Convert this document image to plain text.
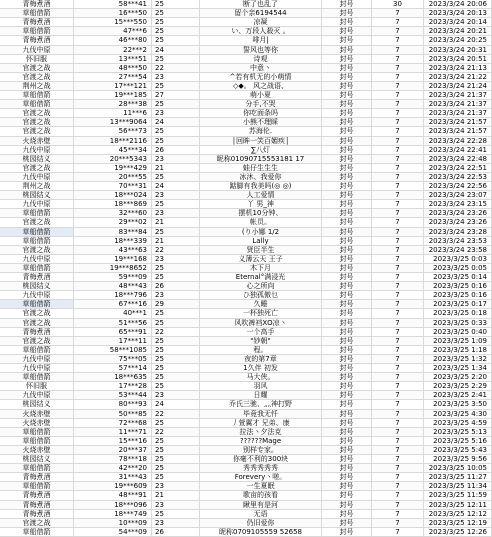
青梅煮酒	58***41	25	断了也乱了	封号	30	2023/3/24 20:06
草船借箭	16***50	25	留个亲6194544	封号	7	2023/3/24 20:13
青梅煮酒	15***550	25	凉凝	封号	7	2023/3/24 20:14
草船借箭	47***6	25	い、万段人殺灭 。	封号	7	2023/3/24 20:21
青梅煮酒	46***80	25	啡月|	封号	7	2023/3/24 20:25
九伐中原	22***2	24	誓风也等你	封号	7	2023/3/24 20:31
怀旧服	13***51	25	诗观	封号	7	2023/3/24 20:51
官渡之战	48***50	22	中意丶	封号	7	2023/3/24 21:13
官渡之战	27***54	23	^若有机无的小萌情	封号	7	2023/3/24 21:22
荆州之战	17***121	25	◇◆。 风之战语、	封号	7	2023/3/24 21:24
草船借箭	19***185	27	萌小夏	封号	7	2023/3/24 21:37
草船借箭	28***38	25	分手,不哭	封号	7	2023/3/24 21:37
官渡之战	11***6	23	你吃面条吗	封号	7	2023/3/24 21:37
官渡之战	13***9064	24	小熊不理睬	封号	7	2023/3/24 21:57
官渡之战	56***73	25	苏海伦.	封号	7	2023/3/24 21:57
火烧赤壁	18***2116	25	│回眸一笑百媚疾│	封号	7	2023/3/24 22:28
九伐中原	45***34	26	∑八灯	封号	7	2023/3/24 22:41
桃园结义	20***5343	23	昵称01090715553181 17	封号	7	2023/3/24 22:48
官渡之战	19***429	21	蛙仔生生生	封号	7	2023/3/24 22:51
九伐中原	20***55	25	冰沐、我爱你	封号	7	2023/3/24 22:53
荆州之战	70***31	24	踮脚有我美吗(◎ ◎)	封号	7	2023/3/24 22:56
桃园结义	18***024	23	人工爱情	封号	7	2023/3/24 23:07
九伐中原	18***869	25	丫 男_神	封号	7	2023/3/24 23:15
草船借箭	32***60	23	摆机10分钟、	封号	7	2023/3/24 23:26
官渡之战	29***02	21	帐员。	封号	7	2023/3/24 23:26
草船借箭	83***84	25	(り小娜 1/2	封号	7	2023/3/24 23:28
草船借箭	18***339	21	Lally	封号	7	2023/3/24 23:53
官渡之战	43***63	22	贤臣半生	封号	7	2023/3/24 23:58
九伐中原	19***168	23	义薄云天 王子	封号	7	2023/3/25 0:03
草船借箭	19***8652	25	木下月	封号	7	2023/3/25 0:05
青梅煮酒	59***09	25	Eternal°满浸光	封号	7	2023/3/25 0:14
桃园结义	48***43	26	心之所向	封号	7	2023/3/25 0:16
九伐中原	18***796	23	ひ独孤傲乜	封号	7	2023/3/25 0:16
草船借箭	67***16	29	久睡	封号	7	2023/3/25 0:17
官渡之战	40***1	25	一杯独死亡	封号	7	2023/3/25 0:18
官渡之战	51***56	25	风吹裤裆ХО凉丶	封号	7	2023/3/25 0:33
青梅煮酒	65***91	22	一个高手	封号	7	2023/3/25 0:40
官渡之战	17***11	25	"钞朝"	封号	7	2023/3/25 1:09
草船借箭	58***1085	25	程。	封号	7	2023/3/25 1:18
九伐中原	75***05	25	夜的第7章	封号	7	2023/3/25 1:32
九伐中原	57***14	25	1久伴 初发	封号	7	2023/3/25 1:34
草船借箭	18***635	25	马大侠。	封号	7	2023/3/25 2:20
怀旧服	17***28	25	羽风	封号	7	2023/3/25 2:29
九伐中原	53***44	23	日耀	封号	7	2023/3/25 2:41
桃园结义	80***93	24	乔氏三驰、灬神打野	封号	7	2023/3/25 3:50
火烧赤壁	50***85	22	毕竟我无忏	封号	7	2023/3/25 4:30
火烧赤壁	72***68	25	丿萱翼才 兄弟、康	封号	7	2023/3/25 4:59
草船借箭	11***71	22	拉法丶夕法克	封号	7	2023/3/25 5:13
草船借箭	15***16	25	??????Mage	封号	7	2023/3/25 5:16
火烧赤壁	20***37	25	别样专家。	封号	7	2023/3/25 5:43
桃园结义	78***18	25	你毫不利的300块	封号	7	2023/3/25 9:56
草船借箭	42***20	25	秀秀秀秀秀	封号	7	2023/3/25 10:05
青梅煮酒	31***43	25	Forevery丶嗟。	封号	7	2023/3/25 11:27
草船借箭	19***609	23	一生夏眠	封号	7	2023/3/25 11:34
青梅煮酒	48***91	21	歌亩的孩看	封号	7	2023/3/25 11:59
青梅煮酒	18***096	23	瞅里有是河	封号	7	2023/3/25 12:11
青梅煮酒	18***749	25	无语	封号	7	2023/3/25 12:12
官渡之战	10***09	23	仍旧爱你	封号	7	2023/3/25 12:19
草船借箭	54***09	26	昵称0709105559 52658	封号	7	2023/3/25 12:26
